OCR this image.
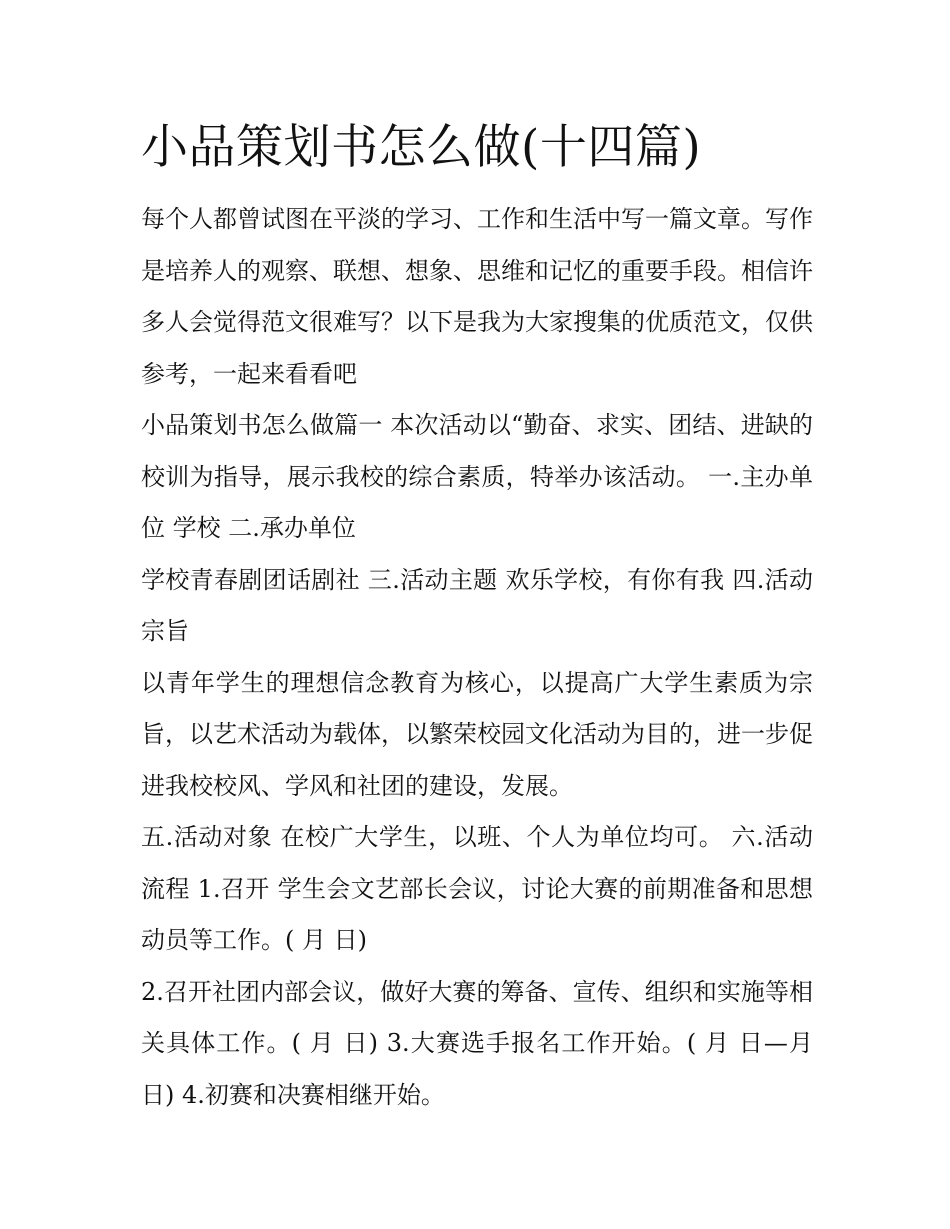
小品策划书怎么做(十四篇)

每个人都曾试图在平淡的学习、工作和生活中写一篇文章。写作是培养人的观察、联想、想象、思维和记忆的重要手段。相信许多人会觉得范文很难写？以下是我为大家搜集的优质范文，仅供参考，一起来看看吧

小品策划书怎么做篇一 本次活动以“勤奋、求实、团结、进缺的校训为指导，展示我校的综合素质，特举办该活动。 一.主办单位 学校 二.承办单位

学校青春剧团话剧社 三.活动主题 欢乐学校，有你有我 四.活动宗旨

以青年学生的理想信念教育为核心，以提高广大学生素质为宗旨，以艺术活动为载体，以繁荣校园文化活动为目的，进一步促进我校校风、学风和社团的建设，发展。

五.活动对象 在校广大学生，以班、个人为单位均可。 六.活动流程 1.召开 学生会文艺部长会议，讨论大赛的前期准备和思想动员等工作。( 月 日)

2.召开社团内部会议，做好大赛的筹备、宣传、组织和实施等相关具体工作。( 月 日) 3.大赛选手报名工作开始。( 月 日—月 日) 4.初赛和决赛相继开始。
